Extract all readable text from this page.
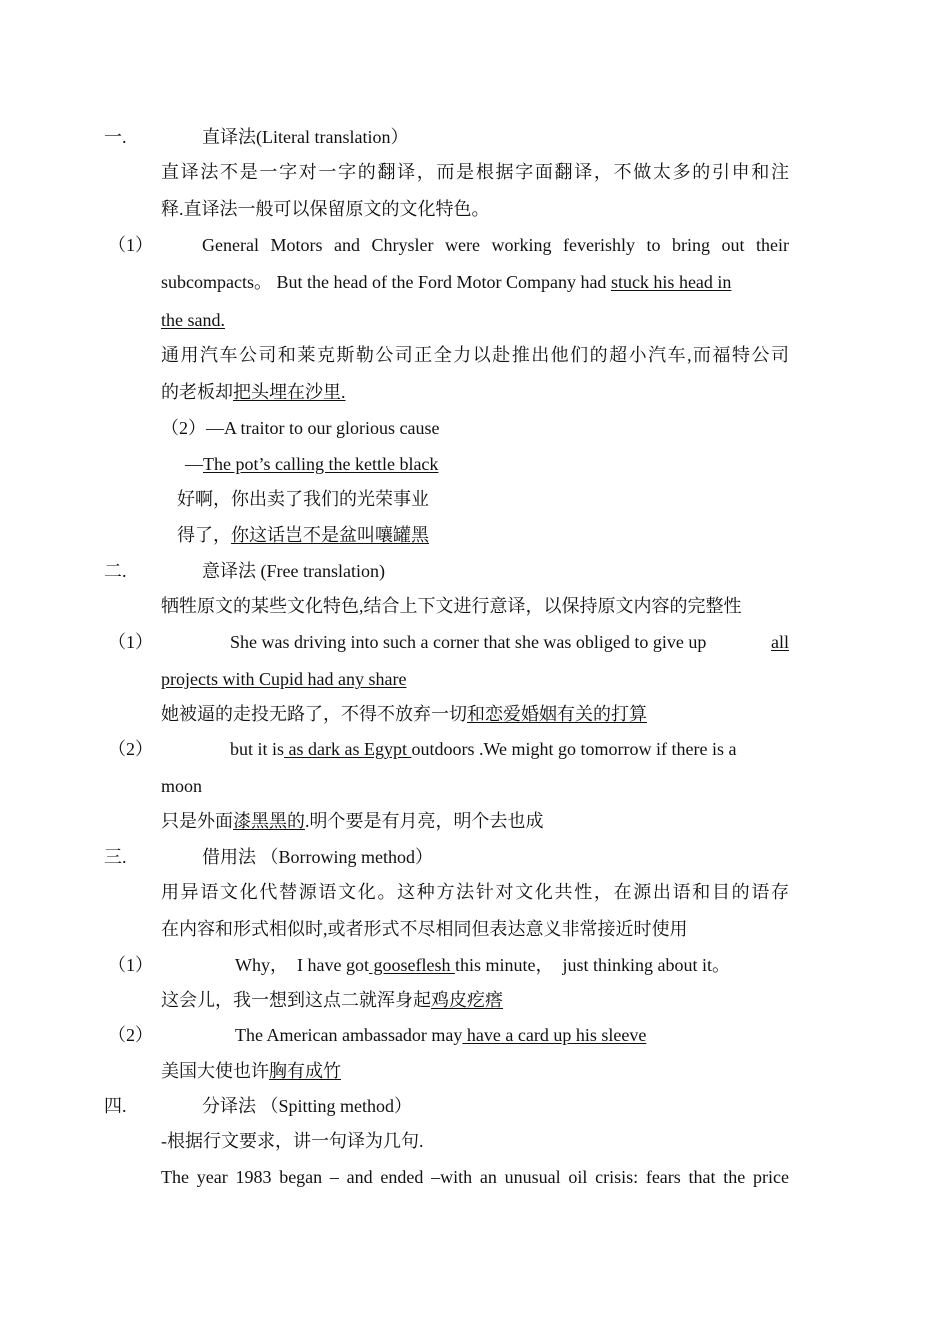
一.	直译法(Literal translation）
直译法不是一字对一字的翻译，而是根据字面翻译，不做太多的引申和注
释.直译法一般可以保留原文的文化特色。
（1）	General Motors and Chrysler were working feverishly to bring out their
subcompacts。 But the head of the Ford Motor Company had stuck his head in
the sand.
通用汽车公司和莱克斯勒公司正全力以赴推出他们的超小汽车,而福特公司
的老板却把头埋在沙里.
（2）—A traitor to our glorious cause
—The pot’s calling the kettle black
好啊，你出卖了我们的光荣事业
得了，你这话岂不是盆叫嚷罐黑
二.	意译法 (Free translation)
牺牲原文的某些文化特色,结合上下文进行意译，以保持原文内容的完整性
（1）	She was driving into such a corner that she was obliged to give up	all
projects with Cupid had any share
她被逼的走投无路了，不得不放弃一切和恋爱婚姻有关的打算
（2）	but it is as dark as Egypt outdoors .We might go tomorrow if there is a
moon
只是外面漆黑黑的.明个要是有月亮，明个去也成
三.	借用法 （Borrowing method）
用异语文化代替源语文化。这种方法针对文化共性，在源出语和目的语存
在内容和形式相似时,或者形式不尽相同但表达意义非常接近时使用
（1）	Why，  I have got gooseflesh this minute，  just thinking about it。
这会儿，我一想到这点二就浑身起鸡皮疙瘩
（2）	The American ambassador may have a card up his sleeve
美国大使也许胸有成竹
四.	分译法 （Spitting method）
-根据行文要求，讲一句译为几句.
The year 1983 began – and ended –with an unusual oil crisis: fears that the price
